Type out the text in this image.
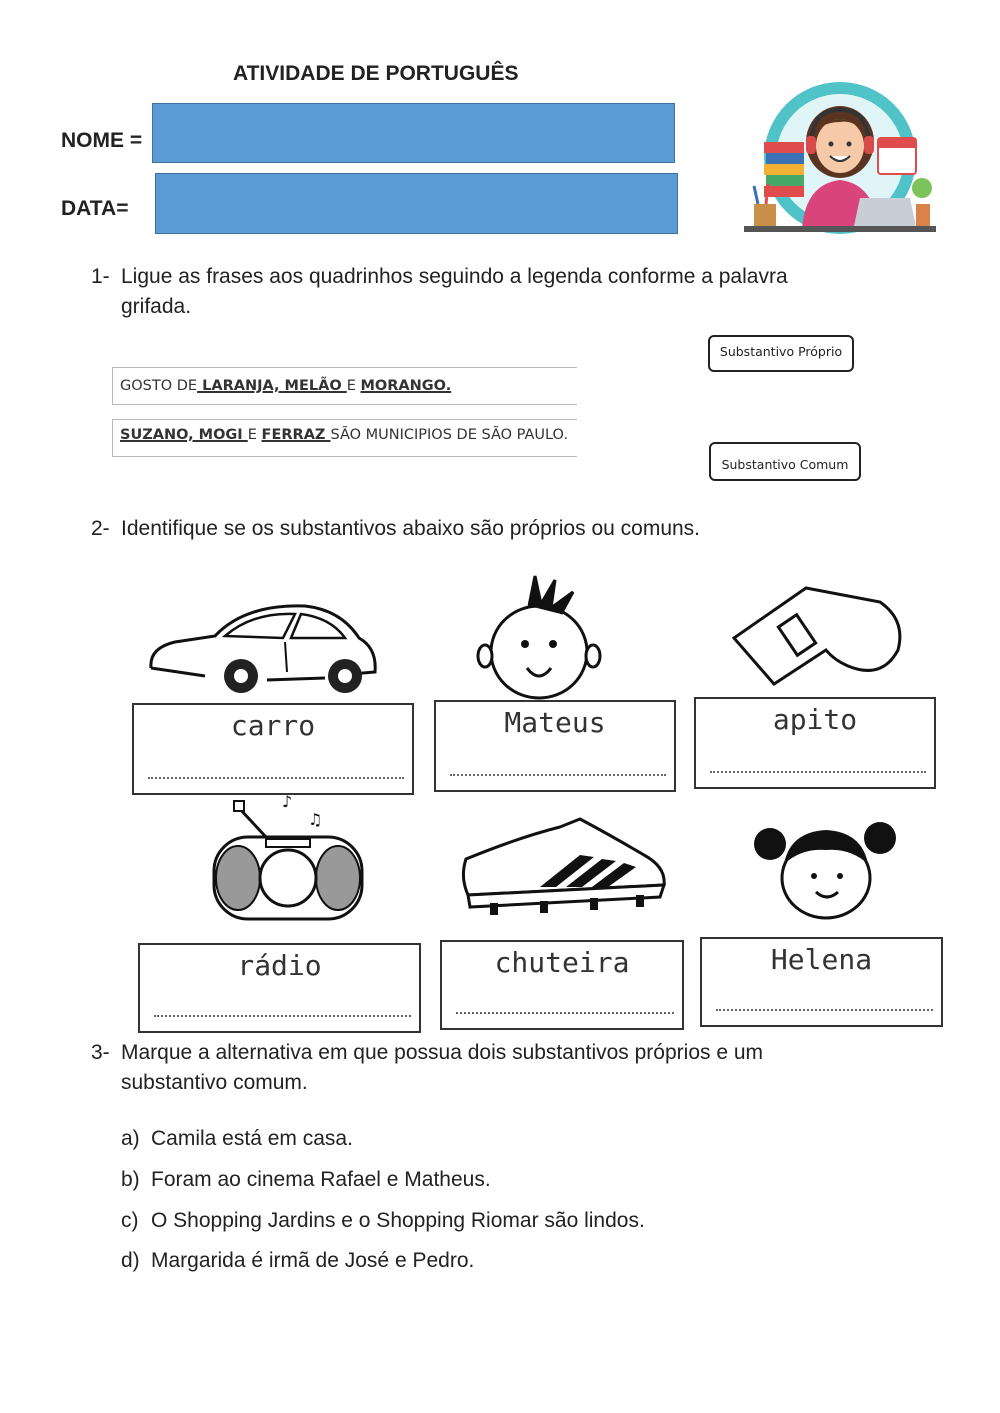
ATIVIDADE DE PORTUGUÊS
NOME =
DATA=
1- Ligue as frases aos quadrinhos seguindo a legenda conforme a palavra
grifada.
GOSTO DE LARANJA, MELÃO E MORANGO.
SUZANO, MOGI E FERRAZ SÃO MUNICIPIOS DE SÃO PAULO.
Substantivo Próprio
Substantivo Comum
2- Identifique se os substantivos abaixo são próprios ou comuns.
carro	Mateus	apito
♪
♫
rádio	chuteira	Helena
3- Marque a alternativa em que possua dois substantivos próprios e um
substantivo comum.
a) Camila está em casa.
b) Foram ao cinema Rafael e Matheus.
c) O Shopping Jardins e o Shopping Riomar são lindos.
d) Margarida é irmã de José e Pedro.
